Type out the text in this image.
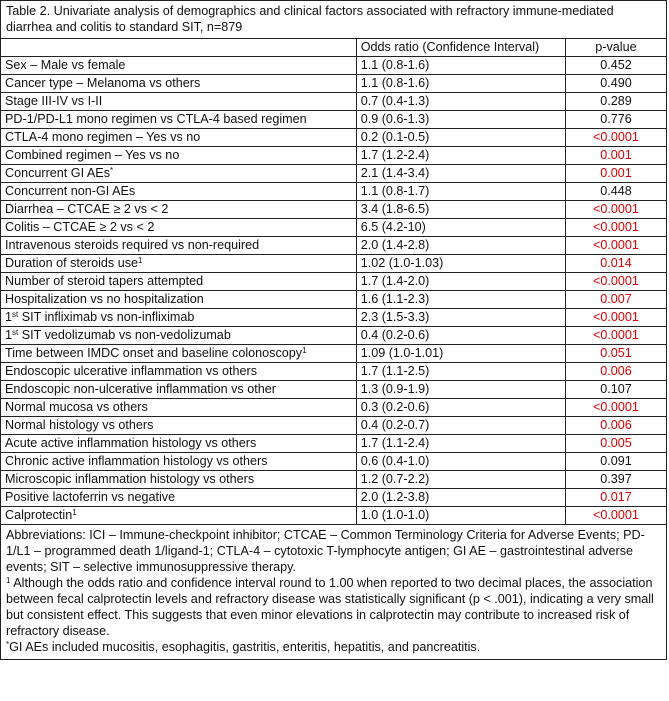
Table 2. Univariate analysis of demographics and clinical factors associated with refractory immune-mediated diarrhea and colitis to standard SIT, n=879		
	Odds ratio (Confidence Interval)	p-value
Sex – Male vs female	1.1 (0.8-1.6)	0.452
Cancer type – Melanoma vs others	1.1 (0.8-1.6)	0.490
Stage III-IV vs I-II	0.7 (0.4-1.3)	0.289
PD-1/PD-L1 mono regimen vs CTLA-4 based regimen	0.9 (0.6-1.3)	0.776
CTLA-4 mono regimen – Yes vs no	0.2 (0.1-0.5)	<0.0001
Combined regimen – Yes vs no	1.7 (1.2-2.4)	0.001
Concurrent GI AEs*	2.1 (1.4-3.4)	0.001
Concurrent non-GI AEs	1.1 (0.8-1.7)	0.448
Diarrhea – CTCAE ≥ 2 vs < 2	3.4 (1.8-6.5)	<0.0001
Colitis – CTCAE ≥ 2 vs < 2	6.5 (4.2-10)	<0.0001
Intravenous steroids required vs non-required	2.0 (1.4-2.8)	<0.0001
Duration of steroids use$^1$	1.02 (1.0-1.03)	0.014
Number of steroid tapers attempted	1.7 (1.4-2.0)	<0.0001
Hospitalization vs no hospitalization	1.6 (1.1-2.3)	0.007
1st SIT infliximab vs non-infliximab	2.3 (1.5-3.3)	<0.0001
1st SIT vedolizumab vs non-vedolizumab	0.4 (0.2-0.6)	<0.0001
Time between IMDC onset and baseline colonoscopy$^1$	1.09 (1.0-1.01)	0.051
Endoscopic ulcerative inflammation vs others	1.7 (1.1-2.5)	0.006
Endoscopic non-ulcerative inflammation vs other	1.3 (0.9-1.9)	0.107
Normal mucosa vs others	0.3 (0.2-0.6)	<0.0001
Normal histology vs others	0.4 (0.2-0.7)	0.006
Acute active inflammation histology vs others	1.7 (1.1-2.4)	0.005
Chronic active inflammation histology vs others	0.6 (0.4-1.0)	0.091
Microscopic inflammation histology vs others	1.2 (0.7-2.2)	0.397
Positive lactoferrin vs negative	2.0 (1.2-3.8)	0.017
Calprotectin$^1$	1.0 (1.0-1.0)	<0.0001

Abbreviations: ICI – Immune-checkpoint inhibitor; CTCAE – Common Terminology Criteria for Adverse Events; PD-1/L1 – programmed death 1/ligand-1; CTLA-4 – cytotoxic T-lymphocyte antigen; GI AE – gastrointestinal adverse events; SIT – selective immunosuppressive therapy.
$^1$ Although the odds ratio and confidence interval round to 1.00 when reported to two decimal places, the association between fecal calprotectin levels and refractory disease was statistically significant (p < .001), indicating a very small but consistent effect. This suggests that even minor elevations in calprotectin may contribute to increased risk of refractory disease.
*GI AEs included mucositis, esophagitis, gastritis, enteritis, hepatitis, and pancreatitis.		
